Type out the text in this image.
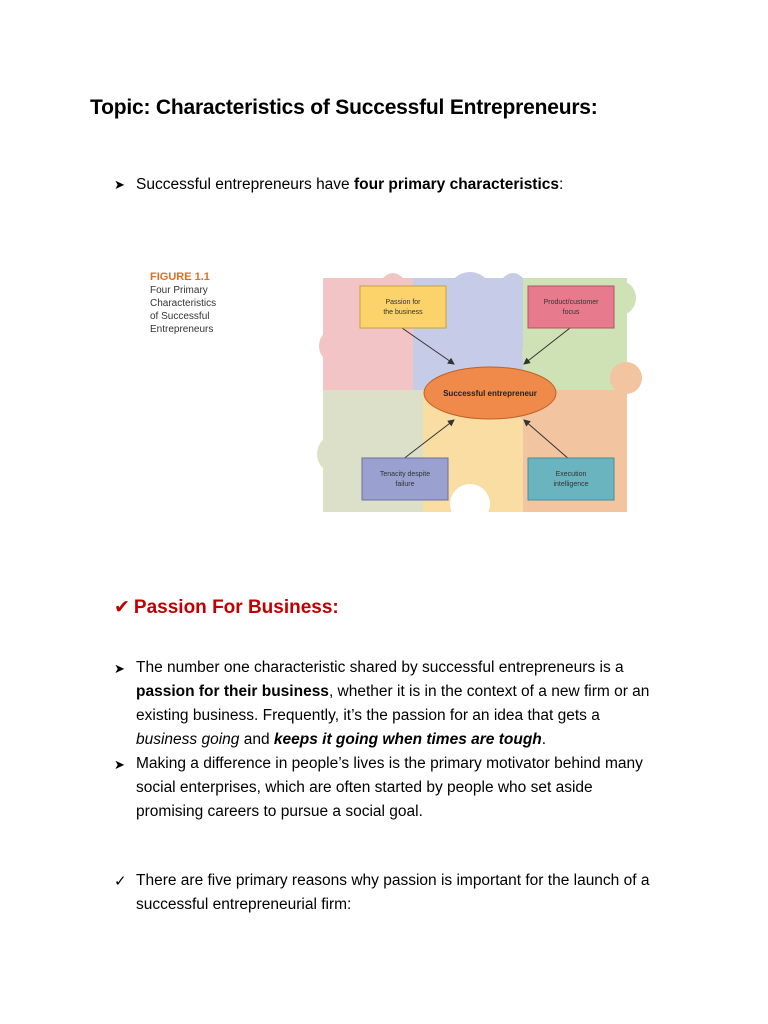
Topic: Characteristics of Successful Entrepreneurs:
➤ Successful entrepreneurs have four primary characteristics:
FIGURE 1.1
Four Primary
Characteristics
of Successful
Entrepreneurs
Successful entrepreneur
Passion for
the business
Product/customer
focus
Tenacity despite
failure
Execution
intelligence
✔ Passion For Business:
➤ The number one characteristic shared by successful entrepreneurs is a
passion for their business, whether it is in the context of a new firm or an
existing business. Frequently, it’s the passion for an idea that gets a
business going and keeps it going when times are tough.
➤ Making a difference in people’s lives is the primary motivator behind many
social enterprises, which are often started by people who set aside
promising careers to pursue a social goal.
✓ There are five primary reasons why passion is important for the launch of a
successful entrepreneurial firm:
